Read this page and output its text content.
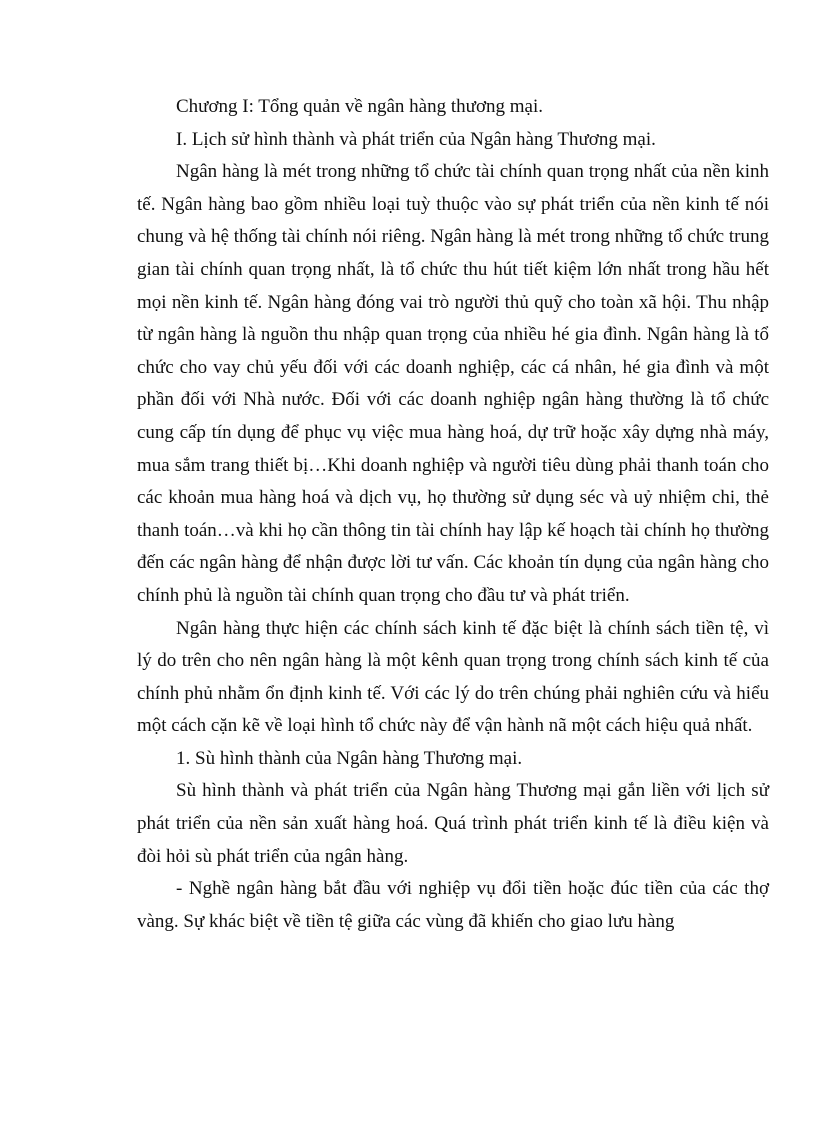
Chương I: Tổng quản về ngân hàng thương mại.

I. Lịch sử hình thành và phát triển của Ngân hàng Thương mại.

Ngân hàng là mét trong những tổ chức tài chính quan trọng nhất của nền kinh tế. Ngân hàng bao gồm nhiều loại tuỳ thuộc vào sự phát triển của nền kinh tế nói chung và hệ thống tài chính nói riêng. Ngân hàng là mét trong những tổ chức trung gian tài chính quan trọng nhất, là tổ chức thu hút tiết kiệm lớn nhất trong hầu hết mọi nền kinh tế. Ngân hàng đóng vai trò người thủ quỹ cho toàn xã hội. Thu nhập từ ngân hàng là nguồn thu nhập quan trọng của nhiều hé gia đình. Ngân hàng là tổ chức cho vay chủ yếu đối với các doanh nghiệp, các cá nhân, hé gia đình và một phần đối với Nhà nước. Đối với các doanh nghiệp ngân hàng thường là tổ chức cung cấp tín dụng để phục vụ việc mua hàng hoá, dự trữ hoặc xây dựng nhà máy, mua sắm trang thiết bị…Khi doanh nghiệp và người tiêu dùng phải thanh toán cho các khoản mua hàng hoá và dịch vụ, họ thường sử dụng séc và uỷ nhiệm chi, thẻ thanh toán…và khi họ cần thông tin tài chính hay lập kế hoạch tài chính họ thường đến các ngân hàng để nhận được lời tư vấn. Các khoản tín dụng của ngân hàng cho chính phủ là nguồn tài chính quan trọng cho đầu tư và phát triển.

Ngân hàng thực hiện các chính sách kinh tế đặc biệt là chính sách tiền tệ, vì lý do trên cho nên ngân hàng là một kênh quan trọng trong chính sách kinh tế của chính phủ nhằm ổn định kinh tế. Với các lý do trên chúng phải nghiên cứu và hiểu một cách cặn kẽ về loại hình tổ chức này để vận hành nã một cách hiệu quả nhất.

1. Sù hình thành của Ngân hàng Thương mại.

Sù hình thành và phát triển của Ngân hàng Thương mại gắn liền với lịch sử phát triển của nền sản xuất hàng hoá. Quá trình phát triển kinh tế là điều kiện và đòi hỏi sù phát triển của ngân hàng.

- Nghề ngân hàng bắt đầu với nghiệp vụ đổi tiền hoặc đúc tiền của các thợ vàng. Sự khác biệt về tiền tệ giữa các vùng đã khiến cho giao lưu hàng
